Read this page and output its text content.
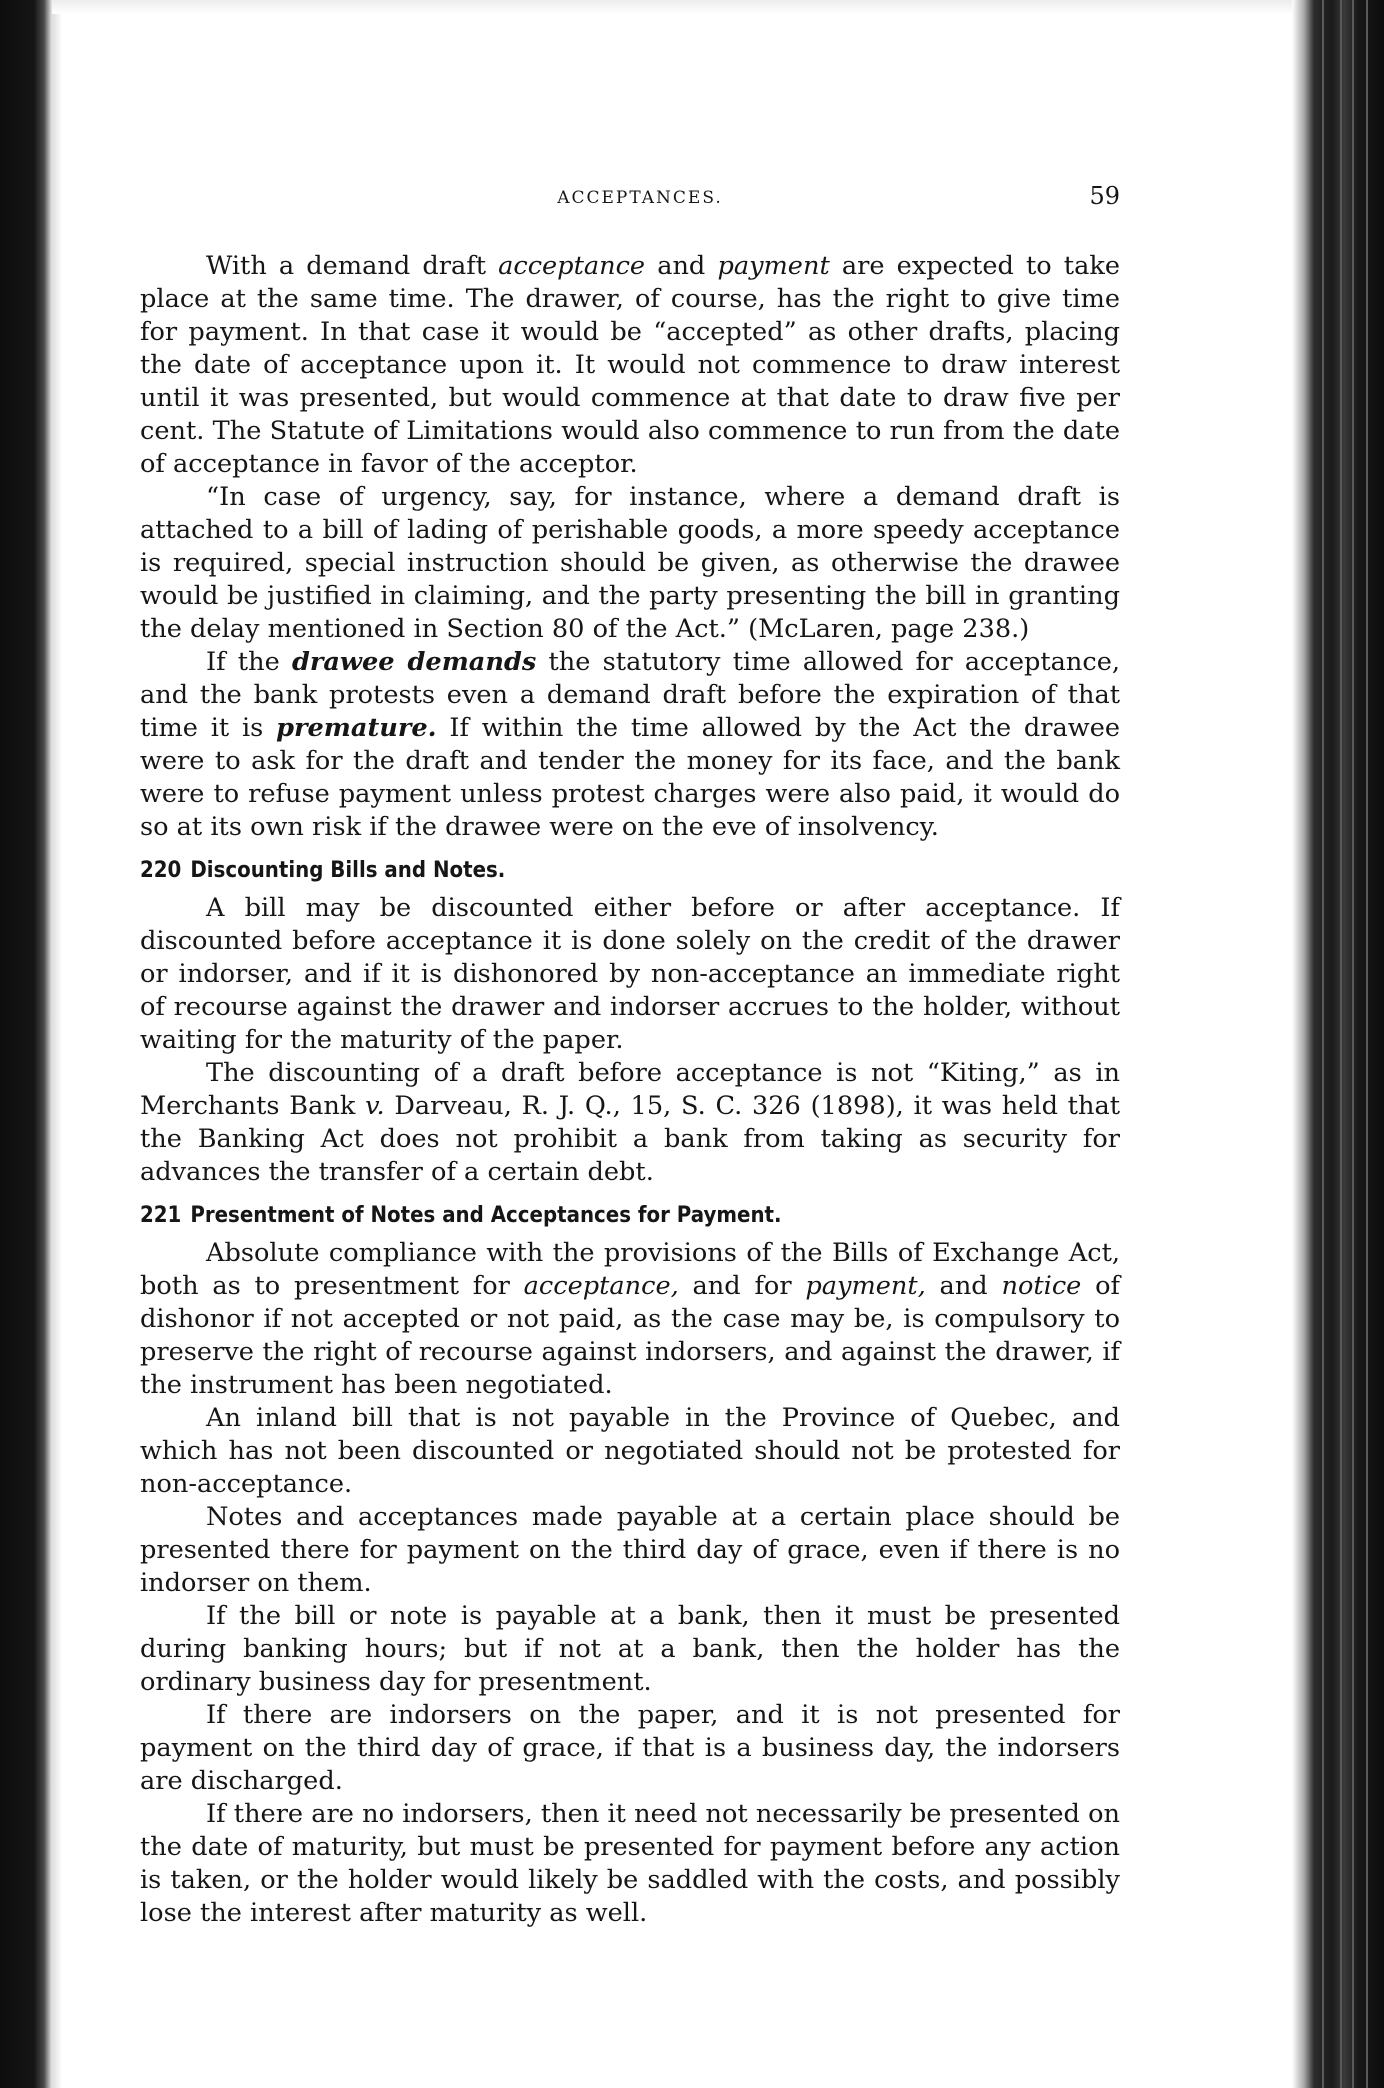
ACCEPTANCES.	59

With a demand draft acceptance and payment are expected to take place at the same time. The drawer, of course, has the right to give time for payment. In that case it would be “accepted” as other drafts, placing the date of acceptance upon it. It would not commence to draw interest until it was presented, but would commence at that date to draw five per cent. The Statute of Limitations would also commence to run from the date of acceptance in favor of the acceptor.

“In case of urgency, say, for instance, where a demand draft is attached to a bill of lading of perishable goods, a more speedy acceptance is required, special instruction should be given, as otherwise the drawee would be justified in claiming, and the party presenting the bill in granting the delay mentioned in Section 80 of the Act.” (McLaren, page 238.)

If the drawee demands the statutory time allowed for acceptance, and the bank protests even a demand draft before the expiration of that time it is premature. If within the time allowed by the Act the drawee were to ask for the draft and tender the money for its face, and the bank were to refuse payment unless protest charges were also paid, it would do so at its own risk if the drawee were on the eve of insolvency.

220 Discounting Bills and Notes.

A bill may be discounted either before or after acceptance. If discounted before acceptance it is done solely on the credit of the drawer or indorser, and if it is dishonored by non-acceptance an immediate right of recourse against the drawer and indorser accrues to the holder, without waiting for the maturity of the paper.

The discounting of a draft before acceptance is not “Kiting,” as in Merchants Bank v. Darveau, R. J. Q., 15, S. C. 326 (1898), it was held that the Banking Act does not prohibit a bank from taking as security for advances the transfer of a certain debt.

221 Presentment of Notes and Acceptances for Payment.

Absolute compliance with the provisions of the Bills of Exchange Act, both as to presentment for acceptance, and for payment, and notice of dishonor if not accepted or not paid, as the case may be, is compulsory to preserve the right of recourse against indorsers, and against the drawer, if the instrument has been negotiated.

An inland bill that is not payable in the Province of Quebec, and which has not been discounted or negotiated should not be protested for non-acceptance.

Notes and acceptances made payable at a certain place should be presented there for payment on the third day of grace, even if there is no indorser on them.

If the bill or note is payable at a bank, then it must be presented during banking hours; but if not at a bank, then the holder has the ordinary business day for presentment.

If there are indorsers on the paper, and it is not presented for payment on the third day of grace, if that is a business day, the indorsers are discharged.

If there are no indorsers, then it need not necessarily be presented on the date of maturity, but must be presented for payment before any action is taken, or the holder would likely be saddled with the costs, and possibly lose the interest after maturity as well.
